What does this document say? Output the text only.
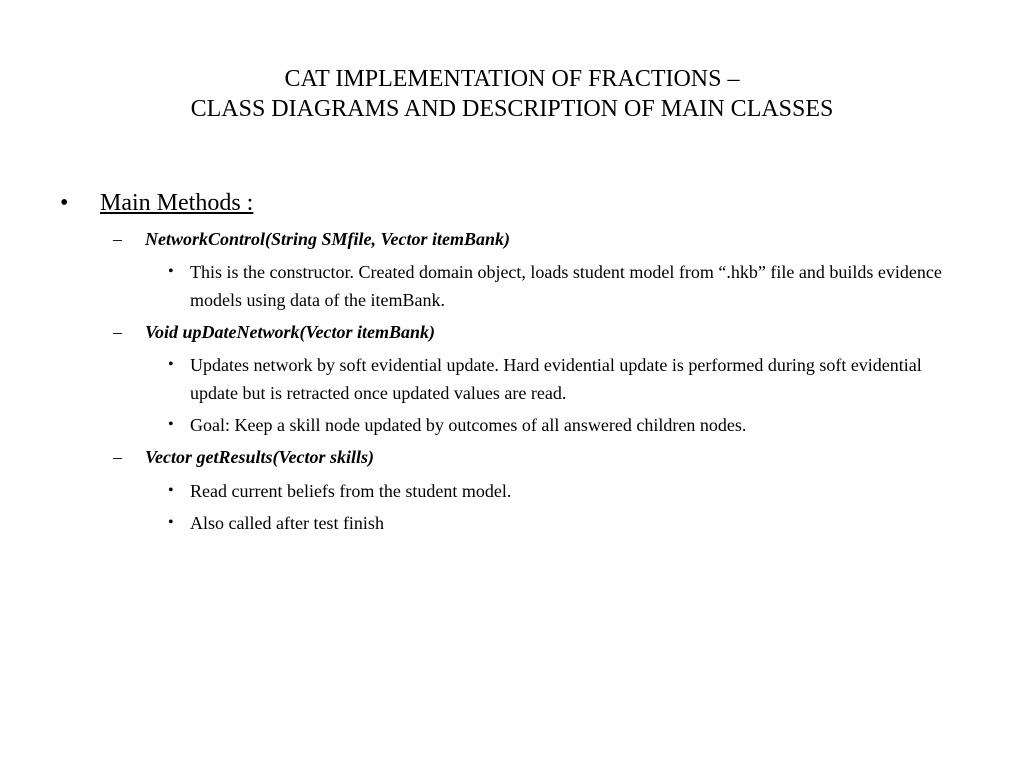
CAT IMPLEMENTATION OF FRACTIONS –
CLASS DIAGRAMS AND DESCRIPTION OF MAIN CLASSES
• Main Methods :
– NetworkControl(String SMfile, Vector itemBank)
• This is the constructor. Created domain object, loads student model from “.hkb” file and builds evidence models using data of the itemBank.
– Void upDateNetwork(Vector itemBank)
• Updates network by soft evidential update. Hard evidential update is performed during soft evidential update but is retracted once updated values are read.
• Goal: Keep a skill node updated by outcomes of all answered children nodes.
– Vector getResults(Vector skills)
• Read current beliefs from the student model.
• Also called after test finish
